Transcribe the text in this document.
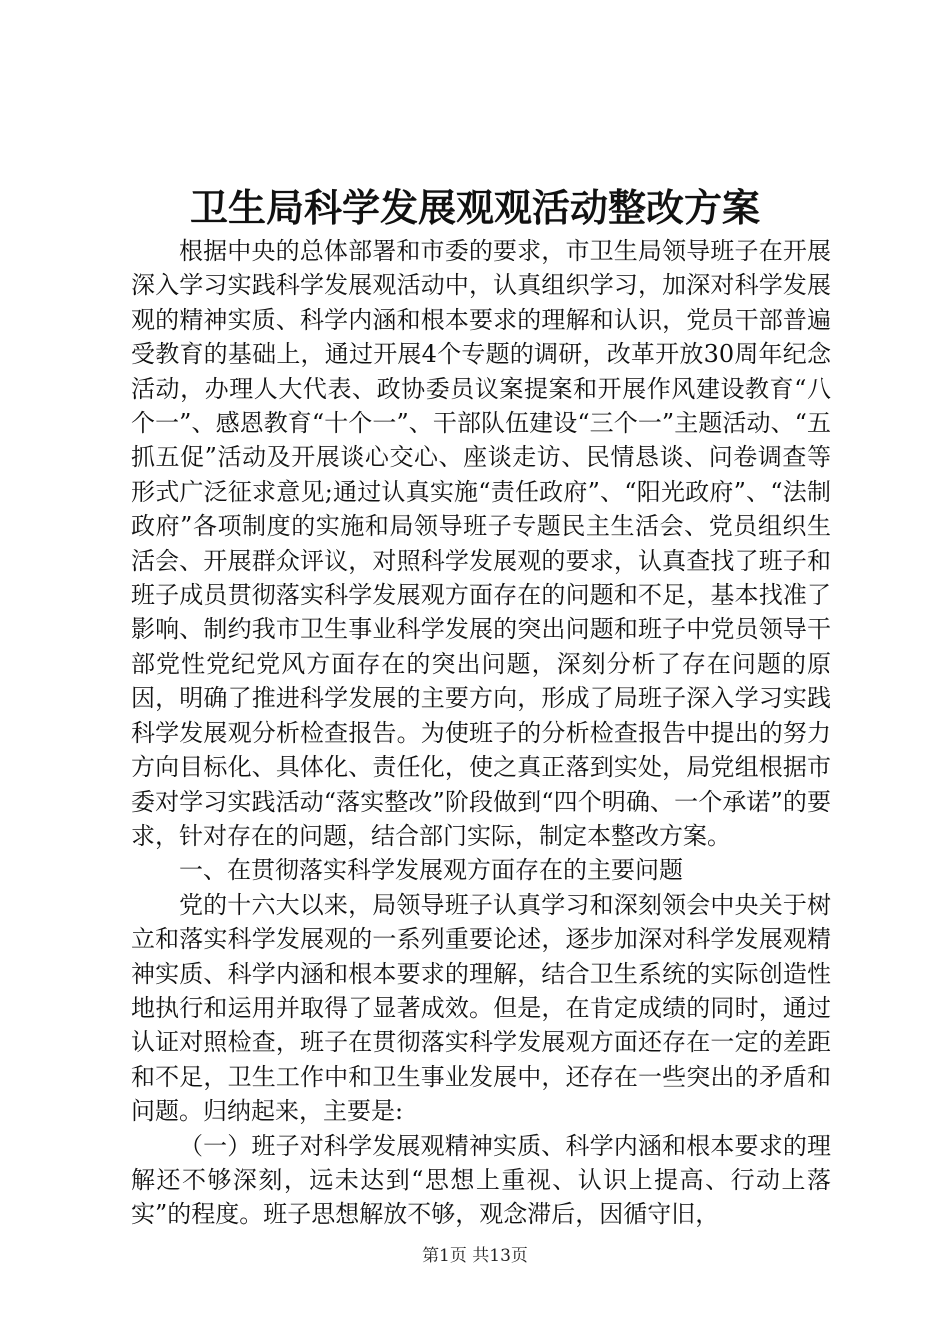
卫生局科学发展观观活动整改方案

根据中央的总体部署和市委的要求，市卫生局领导班子在开展深入学习实践科学发展观活动中，认真组织学习，加深对科学发展观的精神实质、科学内涵和根本要求的理解和认识，党员干部普遍受教育的基础上，通过开展4个专题的调研，改革开放30周年纪念活动，办理人大代表、政协委员议案提案和开展作风建设教育“八个一”、感恩教育“十个一”、干部队伍建设“三个一”主题活动、“五抓五促”活动及开展谈心交心、座谈走访、民情恳谈、问卷调查等形式广泛征求意见;通过认真实施“责任政府”、“阳光政府”、“法制政府”各项制度的实施和局领导班子专题民主生活会、党员组织生活会、开展群众评议，对照科学发展观的要求，认真查找了班子和班子成员贯彻落实科学发展观方面存在的问题和不足，基本找准了影响、制约我市卫生事业科学发展的突出问题和班子中党员领导干部党性党纪党风方面存在的突出问题，深刻分析了存在问题的原因，明确了推进科学发展的主要方向，形成了局班子深入学习实践科学发展观分析检查报告。为使班子的分析检查报告中提出的努力方向目标化、具体化、责任化，使之真正落到实处，局党组根据市委对学习实践活动“落实整改”阶段做到“四个明确、一个承诺”的要求，针对存在的问题，结合部门实际，制定本整改方案。

一、在贯彻落实科学发展观方面存在的主要问题

党的十六大以来，局领导班子认真学习和深刻领会中央关于树立和落实科学发展观的一系列重要论述，逐步加深对科学发展观精神实质、科学内涵和根本要求的理解，结合卫生系统的实际创造性地执行和运用并取得了显著成效。但是，在肯定成绩的同时，通过认证对照检查，班子在贯彻落实科学发展观方面还存在一定的差距和不足，卫生工作中和卫生事业发展中，还存在一些突出的矛盾和问题。归纳起来，主要是:

（一）班子对科学发展观精神实质、科学内涵和根本要求的理解还不够深刻，远未达到“思想上重视、认识上提高、行动上落实”的程度。班子思想解放不够，观念滞后，因循守旧，

第1页 共13页
